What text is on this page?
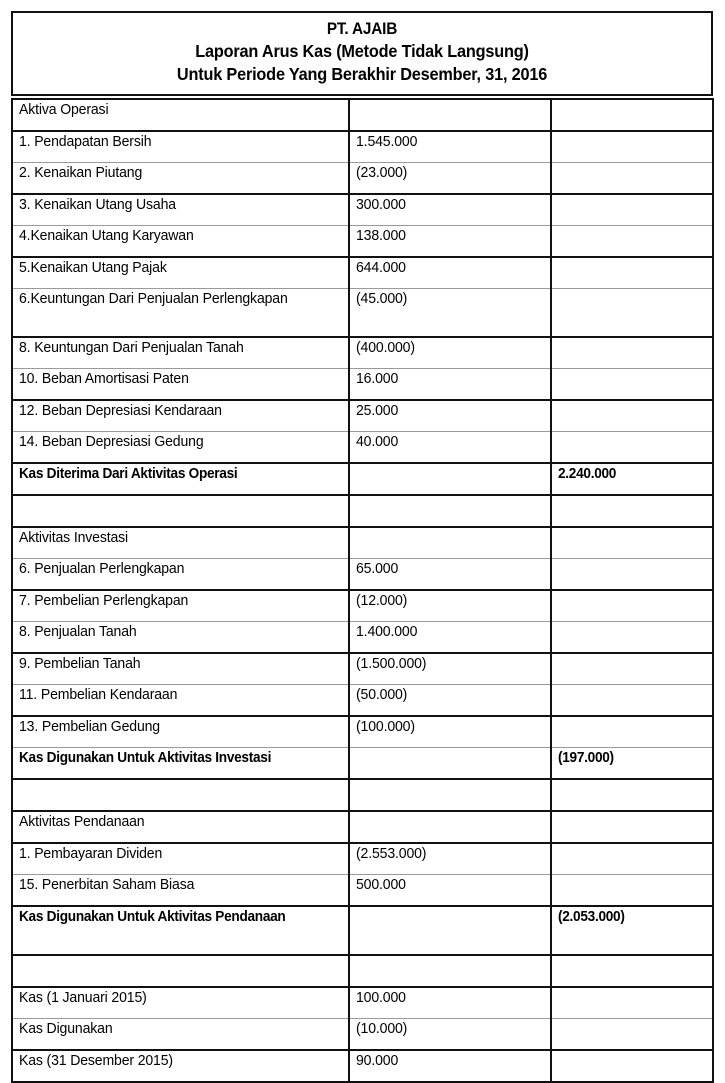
PT. AJAIB
Laporan Arus Kas (Metode Tidak Langsung)
Untuk Periode Yang Berakhir Desember, 31, 2016
Aktiva Operasi		
1. Pendapatan Bersih	1.545.000	
2. Kenaikan Piutang	(23.000)	
3. Kenaikan Utang Usaha	300.000	
4.Kenaikan Utang Karyawan	138.000	
5.Kenaikan Utang Pajak	644.000	
6.Keuntungan Dari Penjualan Perlengkapan	(45.000)	
8. Keuntungan Dari Penjualan Tanah	(400.000)	
10. Beban Amortisasi Paten	16.000	
12. Beban Depresiasi Kendaraan	25.000	
14. Beban Depresiasi Gedung	40.000	
Kas Diterima Dari Aktivitas Operasi		2.240.000

Aktivitas Investasi		
6. Penjualan Perlengkapan	65.000	
7. Pembelian Perlengkapan	(12.000)	
8. Penjualan Tanah	1.400.000	
9. Pembelian Tanah	(1.500.000)	
11. Pembelian Kendaraan	(50.000)	
13. Pembelian Gedung	(100.000)	
Kas Digunakan Untuk Aktivitas Investasi		(197.000)

Aktivitas Pendanaan		
1. Pembayaran Dividen	(2.553.000)	
15. Penerbitan Saham Biasa	500.000	
Kas Digunakan Untuk Aktivitas Pendanaan		(2.053.000)

Kas (1 Januari 2015)	100.000	
Kas Digunakan	(10.000)	
Kas (31 Desember 2015)	90.000	
